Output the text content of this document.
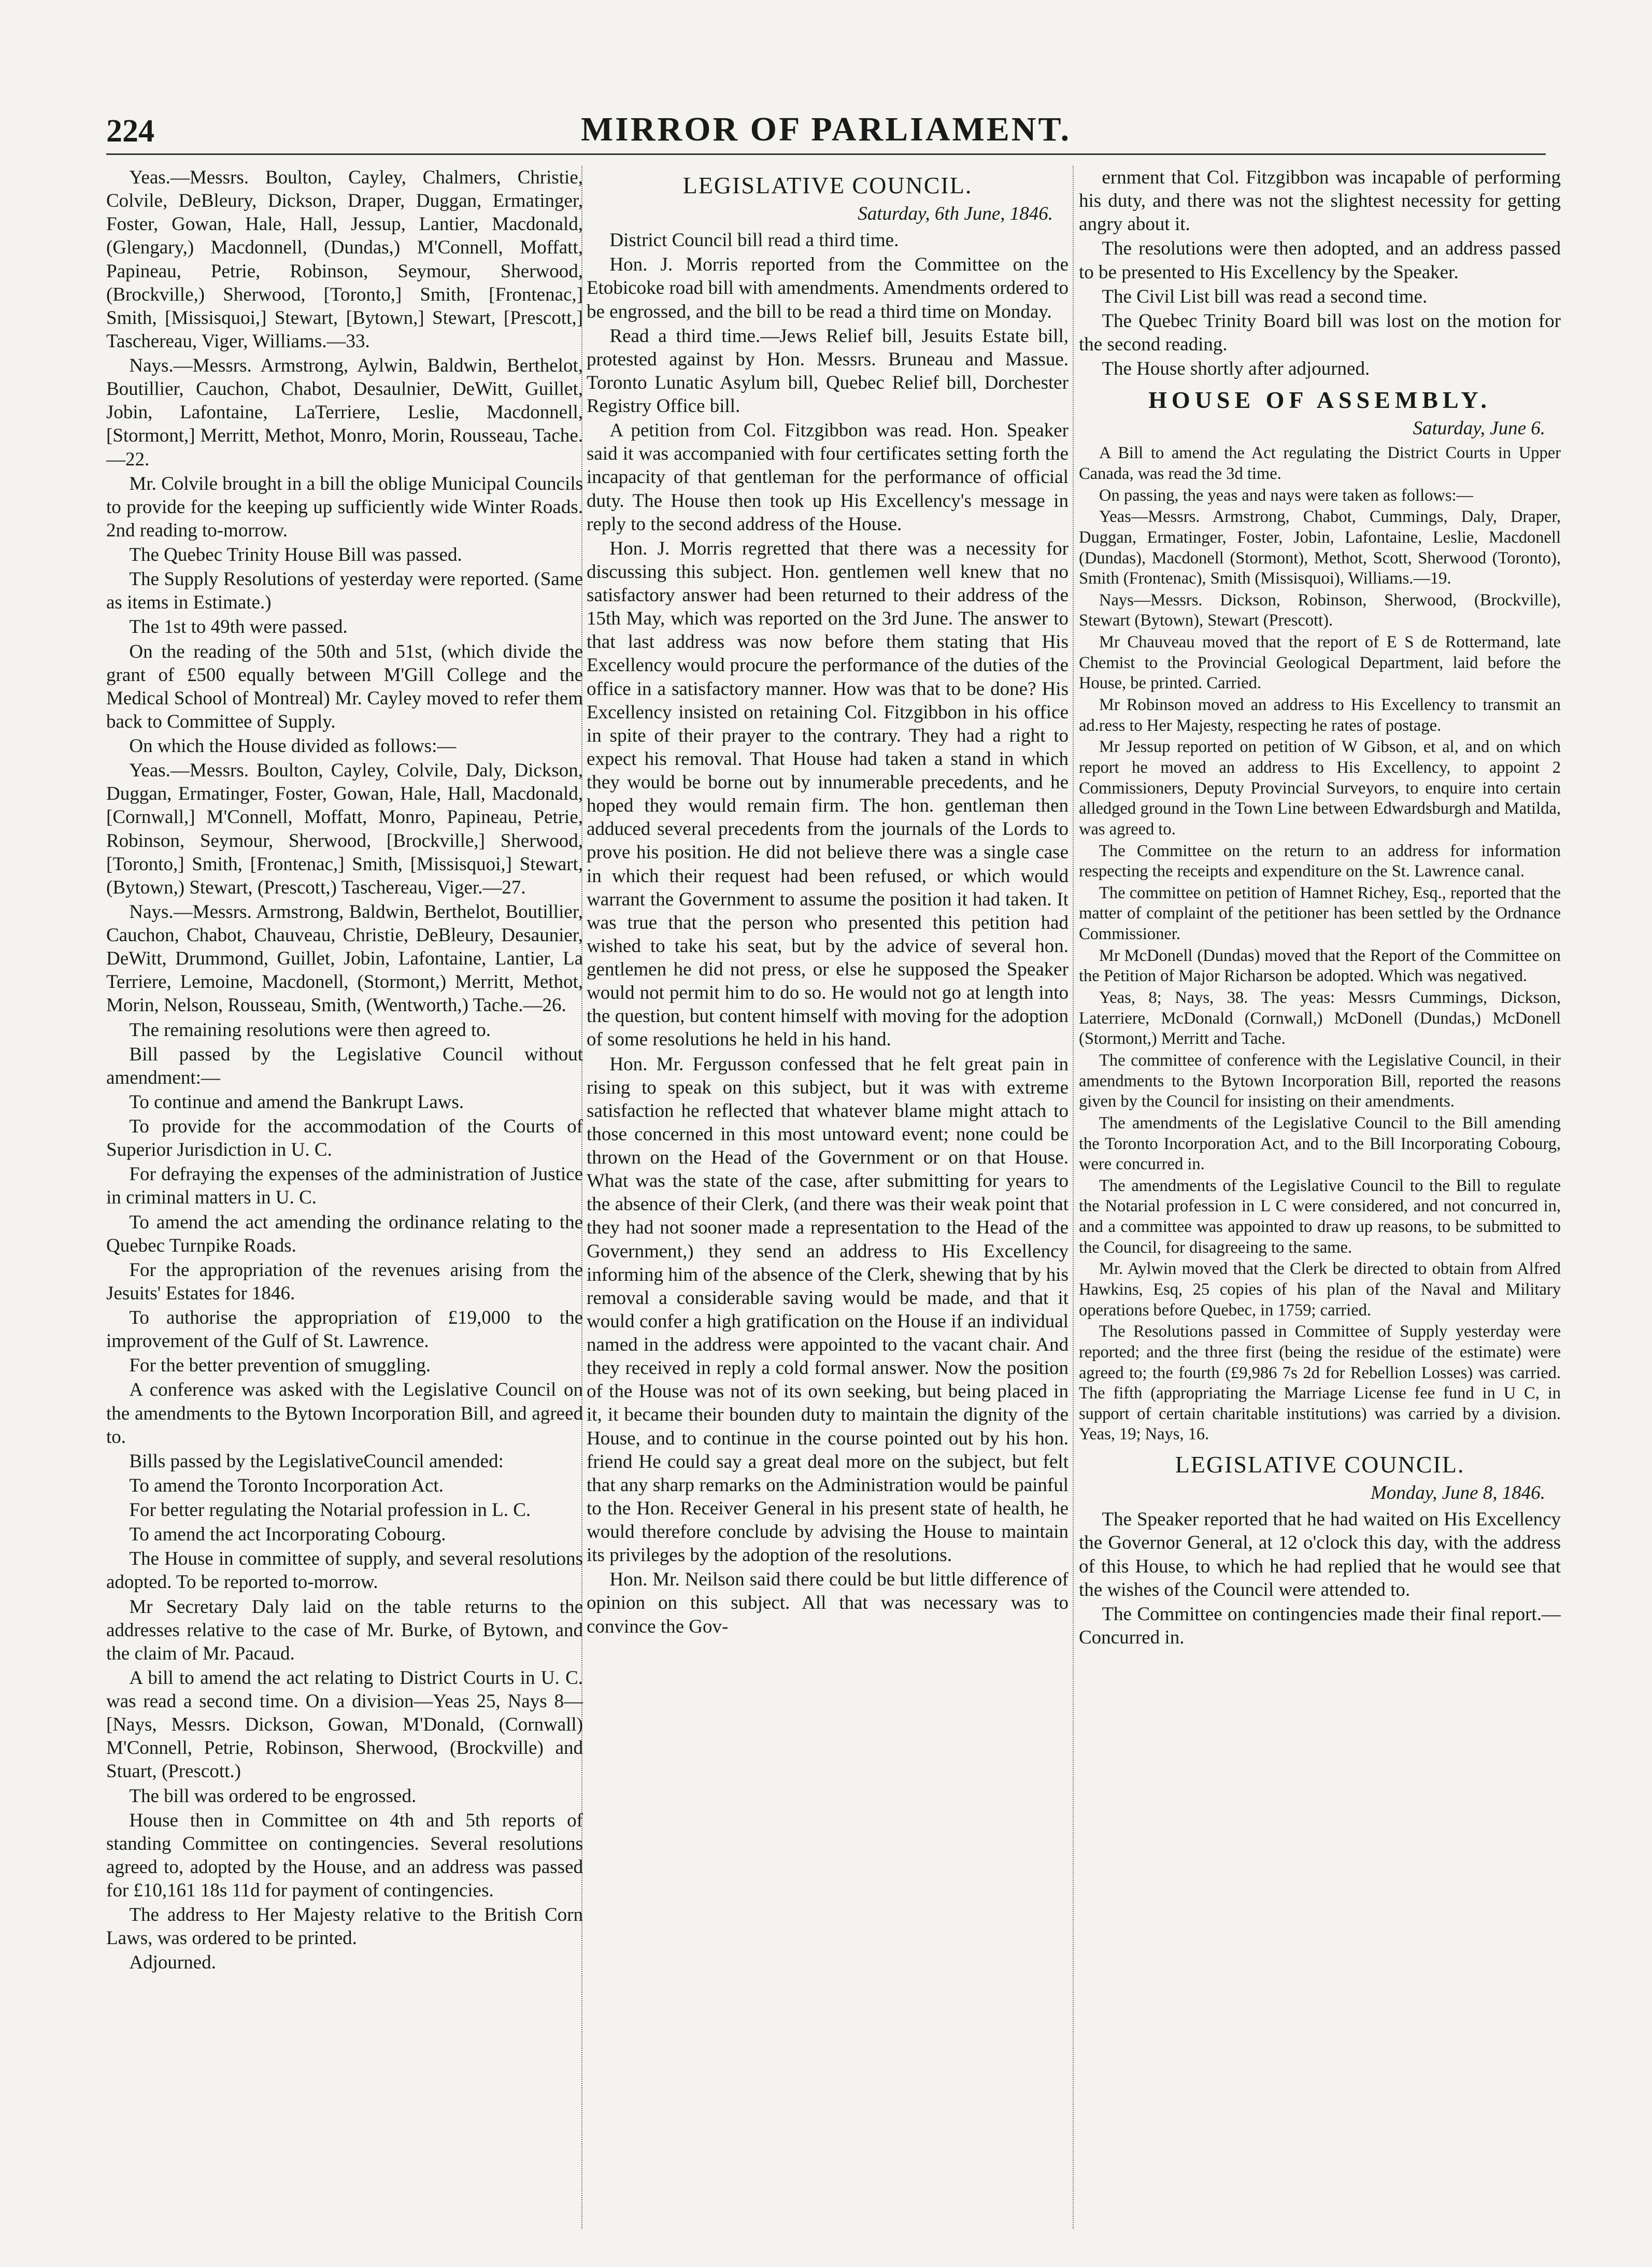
224	MIRROR OF PARLIAMENT.

Yeas.—Messrs. Boulton, Cayley, Chalmers, Christie, Colvile, DeBleury, Dickson, Draper, Duggan, Ermatinger, Foster, Gowan, Hale, Hall, Jessup, Lantier, Macdonald, (Glengary,) Macdonnell, (Dundas,) M'Connell, Moffatt, Papineau, Petrie, Robinson, Seymour, Sherwood, (Brockville,) Sherwood, [Toronto,] Smith, [Frontenac,] Smith, [Missisquoi,] Stewart, [Bytown,] Stewart, [Prescott,] Taschereau, Viger, Williams.—33.

Nays.—Messrs. Armstrong, Aylwin, Baldwin, Berthelot, Boutillier, Cauchon, Chabot, Desaulnier, DeWitt, Guillet, Jobin, Lafontaine, LaTerriere, Leslie, Macdonnell, [Stormont,] Merritt, Methot, Monro, Morin, Rousseau, Tache.—22.

Mr. Colvile brought in a bill the oblige Municipal Councils to provide for the keeping up sufficiently wide Winter Roads. 2nd reading to-morrow.

The Quebec Trinity House Bill was passed.

The Supply Resolutions of yesterday were reported. (Same as items in Estimate.)

The 1st to 49th were passed.

On the reading of the 50th and 51st, (which divide the grant of £500 equally between M'Gill College and the Medical School of Montreal) Mr. Cayley moved to refer them back to Committee of Supply.

On which the House divided as follows:—

Yeas.—Messrs. Boulton, Cayley, Colvile, Daly, Dickson, Duggan, Ermatinger, Foster, Gowan, Hale, Hall, Macdonald, [Cornwall,] M'Connell, Moffatt, Monro, Papineau, Petrie, Robinson, Seymour, Sherwood, [Brockville,] Sherwood, [Toronto,] Smith, [Frontenac,] Smith, [Missisquoi,] Stewart, (Bytown,) Stewart, (Prescott,) Taschereau, Viger.—27.

Nays.—Messrs. Armstrong, Baldwin, Berthelot, Boutillier, Cauchon, Chabot, Chauveau, Christie, DeBleury, Desaunier, DeWitt, Drummond, Guillet, Jobin, Lafontaine, Lantier, La Terriere, Lemoine, Macdonell, (Stormont,) Merritt, Methot, Morin, Nelson, Rousseau, Smith, (Wentworth,) Tache.—26.

The remaining resolutions were then agreed to.

Bill passed by the Legislative Council without amendment:—

To continue and amend the Bankrupt Laws.

To provide for the accommodation of the Courts of Superior Jurisdiction in U. C.

For defraying the expenses of the administration of Justice in criminal matters in U. C.

To amend the act amending the ordinance relating to the Quebec Turnpike Roads.

For the appropriation of the revenues arising from the Jesuits' Estates for 1846.

To authorise the appropriation of £19,000 to the improvement of the Gulf of St. Lawrence.

For the better prevention of smuggling.

A conference was asked with the Legislative Council on the amendments to the Bytown Incorporation Bill, and agreed to.

Bills passed by the LegislativeCouncil amended:

To amend the Toronto Incorporation Act.

For better regulating the Notarial profession in L. C.

To amend the act Incorporating Cobourg.

The House in committee of supply, and several resolutions adopted. To be reported to-morrow.

Mr Secretary Daly laid on the table returns to the addresses relative to the case of Mr. Burke, of Bytown, and the claim of Mr. Pacaud.

A bill to amend the act relating to District Courts in U. C. was read a second time. On a division—Yeas 25, Nays 8—[Nays, Messrs. Dickson, Gowan, M'Donald, (Cornwall) M'Connell, Petrie, Robinson, Sherwood, (Brockville) and Stuart, (Prescott.)

The bill was ordered to be engrossed.

House then in Committee on 4th and 5th reports of standing Committee on contingencies. Several resolutions agreed to, adopted by the House, and an address was passed for £10,161 18s 11d for payment of contingencies.

The address to Her Majesty relative to the British Corn Laws, was ordered to be printed.

Adjourned.

LEGISLATIVE COUNCIL.

Saturday, 6th June, 1846.

District Council bill read a third time.

Hon. J. Morris reported from the Committee on the Etobicoke road bill with amendments. Amendments ordered to be engrossed, and the bill to be read a third time on Monday.

Read a third time.—Jews Relief bill, Jesuits Estate bill, protested against by Hon. Messrs. Bruneau and Massue. Toronto Lunatic Asylum bill, Quebec Relief bill, Dorchester Registry Office bill.

A petition from Col. Fitzgibbon was read. Hon. Speaker said it was accompanied with four certificates setting forth the incapacity of that gentleman for the performance of official duty. The House then took up His Excellency's message in reply to the second address of the House.

Hon. J. Morris regretted that there was a necessity for discussing this subject. Hon. gentlemen well knew that no satisfactory answer had been returned to their address of the 15th May, which was reported on the 3rd June. The answer to that last address was now before them stating that His Excellency would procure the performance of the duties of the office in a satisfactory manner. How was that to be done? His Excellency insisted on retaining Col. Fitzgibbon in his office in spite of their prayer to the contrary. They had a right to expect his removal. That House had taken a stand in which they would be borne out by innumerable precedents, and he hoped they would remain firm. The hon. gentleman then adduced several precedents from the journals of the Lords to prove his position. He did not believe there was a single case in which their request had been refused, or which would warrant the Government to assume the position it had taken. It was true that the person who presented this petition had wished to take his seat, but by the advice of several hon. gentlemen he did not press, or else he supposed the Speaker would not permit him to do so. He would not go at length into the question, but content himself with moving for the adoption of some resolutions he held in his hand.

Hon. Mr. Fergusson confessed that he felt great pain in rising to speak on this subject, but it was with extreme satisfaction he reflected that whatever blame might attach to those concerned in this most untoward event; none could be thrown on the Head of the Government or on that House. What was the state of the case, after submitting for years to the absence of their Clerk, (and there was their weak point that they had not sooner made a representation to the Head of the Government,) they send an address to His Excellency informing him of the absence of the Clerk, shewing that by his removal a considerable saving would be made, and that it would confer a high gratification on the House if an individual named in the address were appointed to the vacant chair. And they received in reply a cold formal answer. Now the position of the House was not of its own seeking, but being placed in it, it became their bounden duty to maintain the dignity of the House, and to continue in the course pointed out by his hon. friend He could say a great deal more on the subject, but felt that any sharp remarks on the Administration would be painful to the Hon. Receiver General in his present state of health, he would therefore conclude by advising the House to maintain its privileges by the adoption of the resolutions.

Hon. Mr. Neilson said there could be but little difference of opinion on this subject. All that was necessary was to convince the Gov-

ernment that Col. Fitzgibbon was incapable of performing his duty, and there was not the slightest necessity for getting angry about it.

The resolutions were then adopted, and an address passed to be presented to His Excellency by the Speaker.

The Civil List bill was read a second time.

The Quebec Trinity Board bill was lost on the motion for the second reading.

The House shortly after adjourned.

HOUSE OF ASSEMBLY.

Saturday, June 6.

A Bill to amend the Act regulating the District Courts in Upper Canada, was read the 3d time.

On passing, the yeas and nays were taken as follows:—

Yeas—Messrs. Armstrong, Chabot, Cummings, Daly, Draper, Duggan, Ermatinger, Foster, Jobin, Lafontaine, Leslie, Macdonell (Dundas), Macdonell (Stormont), Methot, Scott, Sherwood (Toronto), Smith (Frontenac), Smith (Missisquoi), Williams.—19.

Nays—Messrs. Dickson, Robinson, Sherwood, (Brockville), Stewart (Bytown), Stewart (Prescott).

Mr Chauveau moved that the report of E S de Rottermand, late Chemist to the Provincial Geological Department, laid before the House, be printed. Carried.

Mr Robinson moved an address to His Excellency to transmit an ad.ress to Her Majesty, respecting he rates of postage.

Mr Jessup reported on petition of W Gibson, et al, and on which report he moved an address to His Excellency, to appoint 2 Commissioners, Deputy Provincial Surveyors, to enquire into certain alledged ground in the Town Line between Edwardsburgh and Matilda, was agreed to.

The Committee on the return to an address for information respecting the receipts and expenditure on the St. Lawrence canal.

The committee on petition of Hamnet Richey, Esq., reported that the matter of complaint of the petitioner has been settled by the Ordnance Commissioner.

Mr McDonell (Dundas) moved that the Report of the Committee on the Petition of Major Richarson be adopted. Which was negatived.

Yeas, 8; Nays, 38. The yeas: Messrs Cummings, Dickson, Laterriere, McDonald (Cornwall,) McDonell (Dundas,) McDonell (Stormont,) Merritt and Tache.

The committee of conference with the Legislative Council, in their amendments to the Bytown Incorporation Bill, reported the reasons given by the Council for insisting on their amendments.

The amendments of the Legislative Council to the Bill amending the Toronto Incorporation Act, and to the Bill Incorporating Cobourg, were concurred in.

The amendments of the Legislative Council to the Bill to regulate the Notarial profession in L C were considered, and not concurred in, and a committee was appointed to draw up reasons, to be submitted to the Council, for disagreeing to the same.

Mr. Aylwin moved that the Clerk be directed to obtain from Alfred Hawkins, Esq, 25 copies of his plan of the Naval and Military operations before Quebec, in 1759; carried.

The Resolutions passed in Committee of Supply yesterday were reported; and the three first (being the residue of the estimate) were agreed to; the fourth (£9,986 7s 2d for Rebellion Losses) was carried. The fifth (appropriating the Marriage License fee fund in U C, in support of certain charitable institutions) was carried by a division. Yeas, 19; Nays, 16.

LEGISLATIVE COUNCIL.

Monday, June 8, 1846.

The Speaker reported that he had waited on His Excellency the Governor General, at 12 o'clock this day, with the address of this House, to which he had replied that he would see that the wishes of the Council were attended to.

The Committee on contingencies made their final report.—Concurred in.
